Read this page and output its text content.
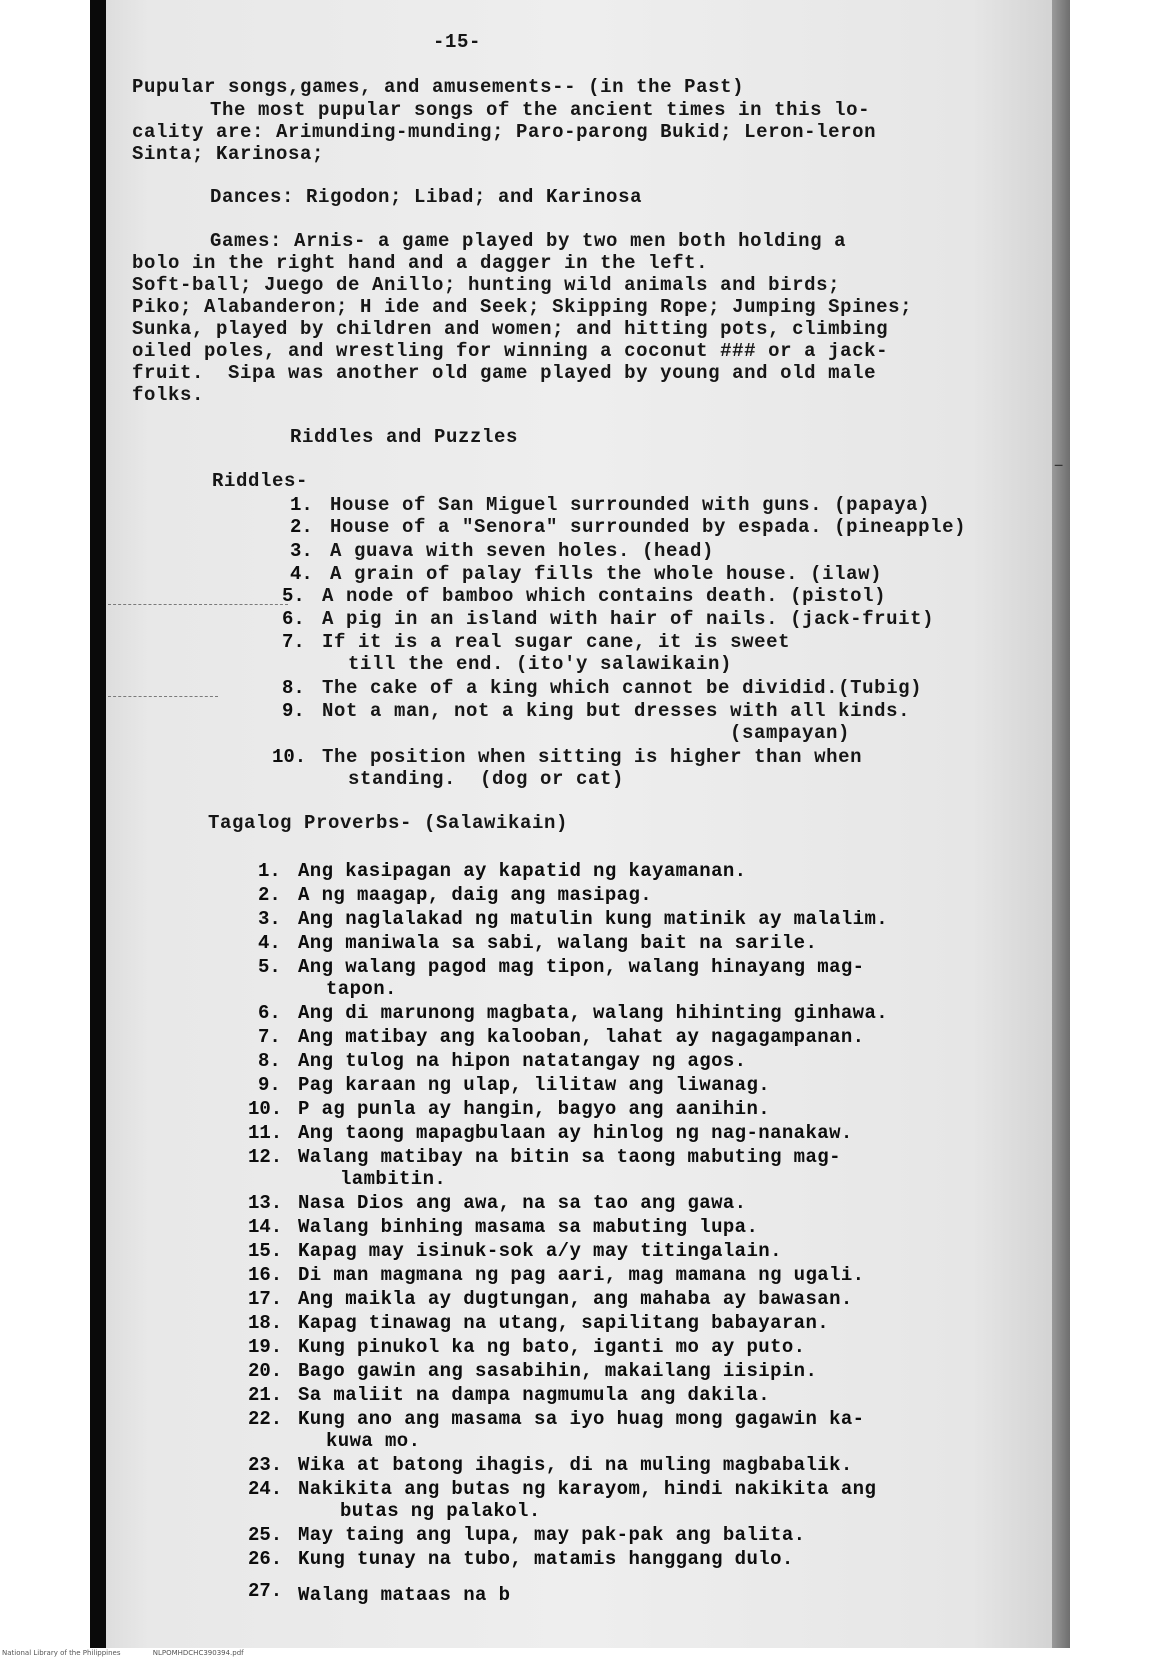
-15-
Pupular songs,games, and amusements-- (in the Past)
The most pupular songs of the ancient times in this lo-
cality are: Arimunding-munding; Paro-parong Bukid; Leron-leron
Sinta; Karinosa;
Dances: Rigodon; Libad; and Karinosa
Games: Arnis- a game played by two men both holding a
bolo in the right hand and a dagger in the left.
Soft-ball; Juego de Anillo; hunting wild animals and birds;
Piko; Alabanderon; H ide and Seek; Skipping Rope; Jumping Spines;
Sunka, played by children and women; and hitting pots, climbing
oiled poles, and wrestling for winning a coconut ### or a jack-
fruit.  Sipa was another old game played by young and old male
folks.
Riddles and Puzzles
Riddles-
1. House of San Miguel surrounded with guns. (papaya)
2. House of a "Senora" surrounded by espada. (pineapple)
3. A guava with seven holes. (head)
4. A grain of palay fills the whole house. (ilaw)
5. A node of bamboo which contains death. (pistol)
6. A pig in an island with hair of nails. (jack-fruit)
7. If it is a real sugar cane, it is sweet
till the end. (ito'y salawikain)
8. The cake of a king which cannot be dividid.(Tubig)
9. Not a man, not a king but dresses with all kinds.
(sampayan)
10. The position when sitting is higher than when
standing.  (dog or cat)
–
Tagalog Proverbs- (Salawikain)
1. Ang kasipagan ay kapatid ng kayamanan.
2. A ng maagap, daig ang masipag.
3. Ang naglalakad ng matulin kung matinik ay malalim.
4. Ang maniwala sa sabi, walang bait na sarile.
5. Ang walang pagod mag tipon, walang hinayang mag-
tapon.
6. Ang di marunong magbata, walang hihinting ginhawa.
7. Ang matibay ang kalooban, lahat ay nagagampanan.
8. Ang tulog na hipon natatangay ng agos.
9. Pag karaan ng ulap, lilitaw ang liwanag.
10. P ag punla ay hangin, bagyo ang aanihin.
11. Ang taong mapagbulaan ay hinlog ng nag-nanakaw.
12. Walang matibay na bitin sa taong mabuting mag-
lambitin.
13. Nasa Dios ang awa, na sa tao ang gawa.
14. Walang binhing masama sa mabuting lupa.
15. Kapag may isinuk-sok a/y may titingalain.
16. Di man magmana ng pag aari, mag mamana ng ugali.
17. Ang maikla ay dugtungan, ang mahaba ay bawasan.
18. Kapag tinawag na utang, sapilitang babayaran.
19. Kung pinukol ka ng bato, iganti mo ay puto.
20. Bago gawin ang sasabihin, makailang iisipin.
21. Sa maliit na dampa nagmumula ang dakila.
22. Kung ano ang masama sa iyo huag mong gagawin ka-
kuwa mo.
23. Wika at batong ihagis, di na muling magbabalik.
24. Nakikita ang butas ng karayom, hindi nakikita ang
butas ng palakol.
25. May taing ang lupa, may pak-pak ang balita.
26. Kung tunay na tubo, matamis hanggang dulo.
27. Walang mataas na b
National Library of the Philippines	NLPOMHDCHC390394.pdf
